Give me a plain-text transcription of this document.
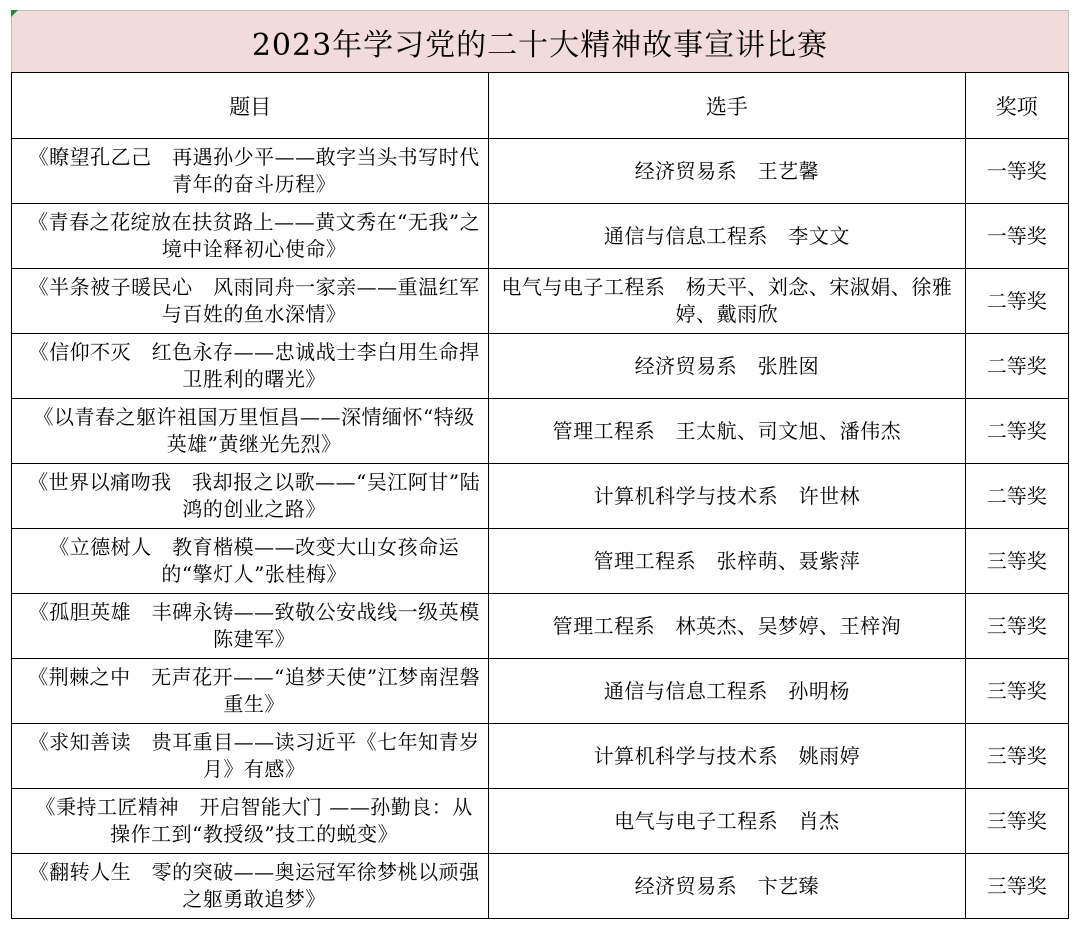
2023年学习党的二十大精神故事宣讲比赛		
题目	选手	奖项

《瞭望孔乙己　再遇孙少平——敢字当头书写时代青年的奋斗历程》	经济贸易系　王艺馨	一等奖

《青春之花绽放在扶贫路上——黄文秀在“无我”之境中诠释初心使命》	通信与信息工程系　李文文	一等奖

《半条被子暖民心　风雨同舟一家亲——重温红军与百姓的鱼水深情》	电气与电子工程系　杨天平、刘念、宋淑娟、徐雅婷、戴雨欣	二等奖

《信仰不灭　红色永存——忠诚战士李白用生命捍卫胜利的曙光》	经济贸易系　张胜囡	二等奖

《以青春之躯许祖国万里恒昌——深情缅怀“特级英雄”黄继光先烈》	管理工程系　王太航、司文旭、潘伟杰	二等奖

《世界以痛吻我　我却报之以歌——“吴江阿甘”陆鸿的创业之路》	计算机科学与技术系　许世林	二等奖

《立德树人　教育楷模——改变大山女孩命运的“擎灯人”张桂梅》	管理工程系　张梓萌、聂紫萍	三等奖

《孤胆英雄　丰碑永铸——致敬公安战线一级英模陈建军》	管理工程系　林英杰、吴梦婷、王梓洵	三等奖

《荆棘之中　无声花开——“追梦天使”江梦南涅磐重生》	通信与信息工程系　孙明杨	三等奖

《求知善读　贵耳重目——读习近平《七年知青岁月》有感》	计算机科学与技术系　姚雨婷	三等奖

《秉持工匠精神　开启智能大门 ——孙勤良：从操作工到“教授级”技工的蜕变》	电气与电子工程系　肖杰	三等奖

《翻转人生　零的突破——奥运冠军徐梦桃以顽强之躯勇敢追梦》	经济贸易系　卞艺臻	三等奖
